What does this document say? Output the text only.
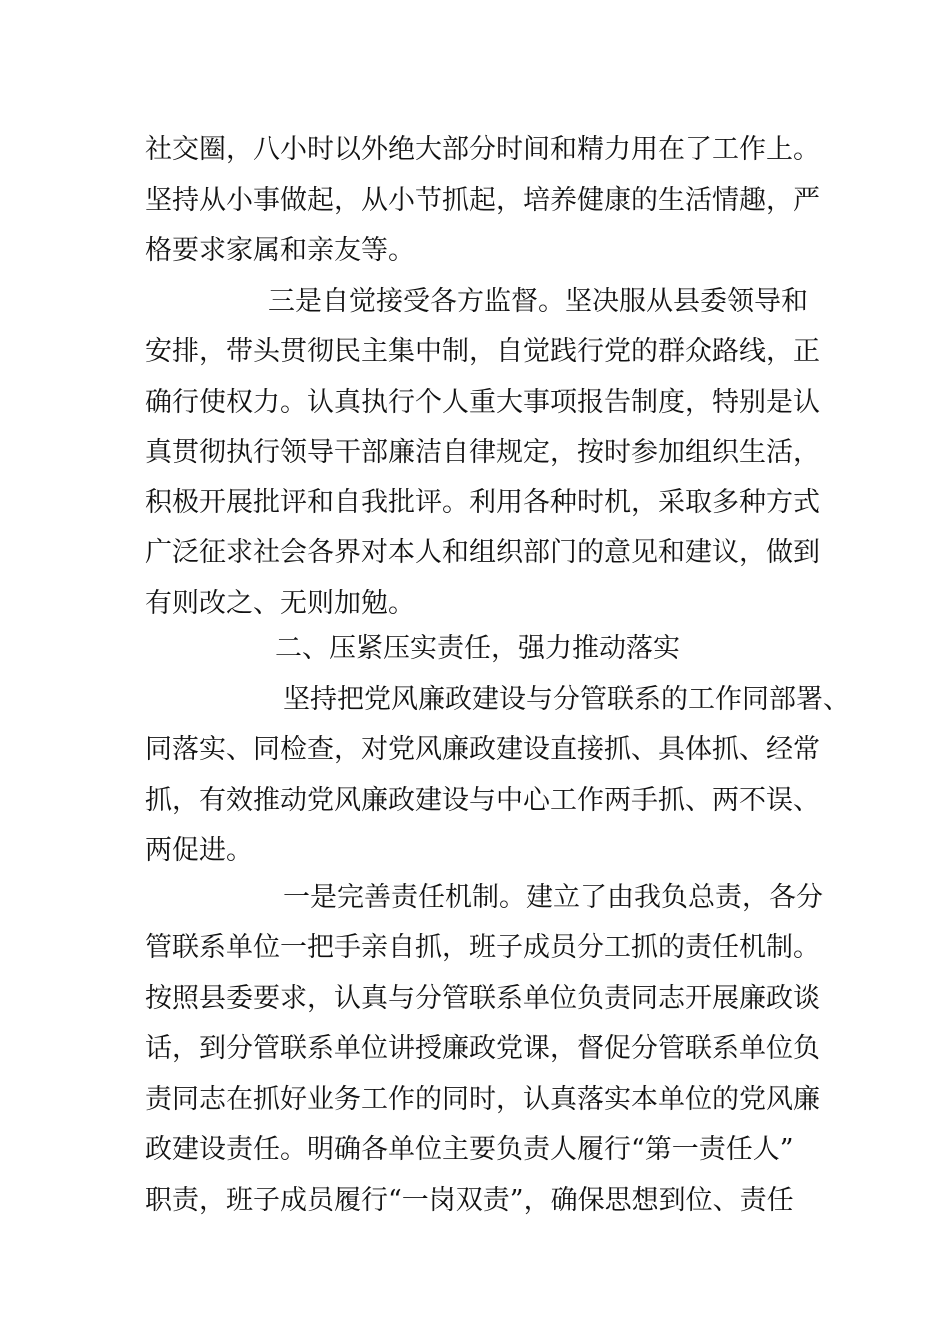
社交圈，八小时以外绝大部分时间和精力用在了工作上。
坚持从小事做起，从小节抓起，培养健康的生活情趣，严
格要求家属和亲友等。
三是自觉接受各方监督。坚决服从县委领导和
安排，带头贯彻民主集中制，自觉践行党的群众路线，正
确行使权力。认真执行个人重大事项报告制度，特别是认
真贯彻执行领导干部廉洁自律规定，按时参加组织生活，
积极开展批评和自我批评。利用各种时机，采取多种方式
广泛征求社会各界对本人和组织部门的意见和建议，做到
有则改之、无则加勉。
二、压紧压实责任，强力推动落实
坚持把党风廉政建设与分管联系的工作同部署、
同落实、同检查，对党风廉政建设直接抓、具体抓、经常
抓，有效推动党风廉政建设与中心工作两手抓、两不误、
两促进。
一是完善责任机制。建立了由我负总责，各分
管联系单位一把手亲自抓，班子成员分工抓的责任机制。
按照县委要求，认真与分管联系单位负责同志开展廉政谈
话，到分管联系单位讲授廉政党课，督促分管联系单位负
责同志在抓好业务工作的同时，认真落实本单位的党风廉
政建设责任。明确各单位主要负责人履行“第一责任人”
职责，班子成员履行“一岗双责”，确保思想到位、责任
